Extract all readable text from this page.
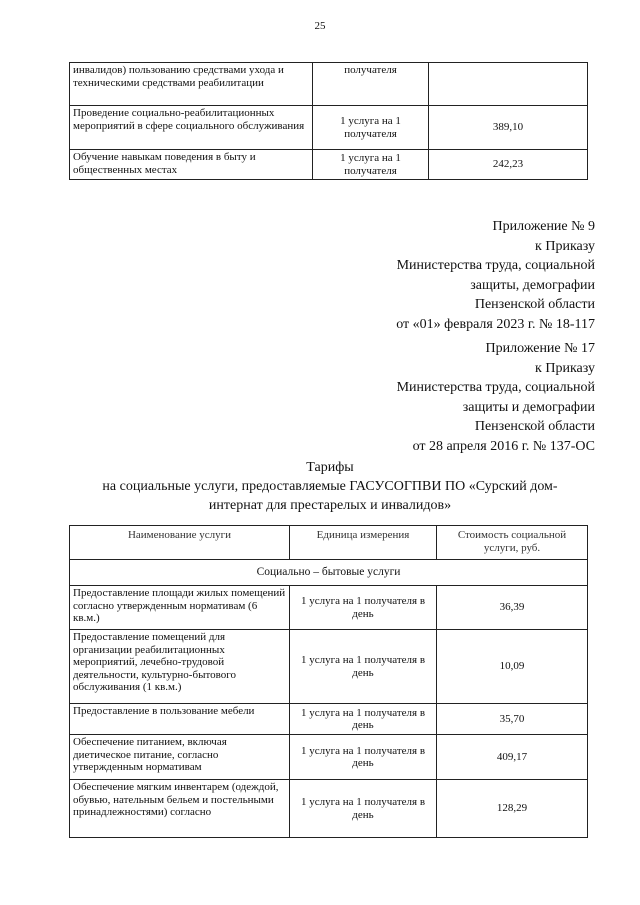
25
инвалидов) пользованию средствами ухода и техническими средствами реабилитации	получателя	
Проведение социально-реабилитационных мероприятий в сфере социального обслуживания	1 услуга на 1 получателя	389,10
Обучение навыкам поведения в быту и общественных местах	1 услуга на 1 получателя	242,23
Приложение № 9
к Приказу
Министерства труда, социальной
защиты, демографии
Пензенской области
от «01» февраля 2023 г. № 18-117
Приложение № 17
к Приказу
Министерства труда, социальной
защиты и демографии
Пензенской области
от 28 апреля 2016 г. № 137-ОС
Тарифы
на социальные услуги, предоставляемые ГАСУСОГПВИ ПО «Сурский дом-
интернат для престарелых и инвалидов»
Наименование услуги	Единица измерения	Стоимость социальной услуги, руб.
Социально – бытовые услуги		
Предоставление площади жилых помещений согласно утвержденным нормативам (6 кв.м.)	1 услуга на 1 получателя в день	36,39
Предоставление помещений для организации реабилитационных мероприятий, лечебно-трудовой деятельности, культурно-бытового обслуживания (1 кв.м.)	1 услуга на 1 получателя в день	10,09
Предоставление в пользование мебели	1 услуга на 1 получателя в день	35,70
Обеспечение питанием, включая диетическое питание, согласно утвержденным нормативам	1 услуга на 1 получателя в день	409,17
Обеспечение мягким инвентарем (одеждой, обувью, нательным бельем и постельными принадлежностями) согласно	1 услуга на 1 получателя в день	128,29
